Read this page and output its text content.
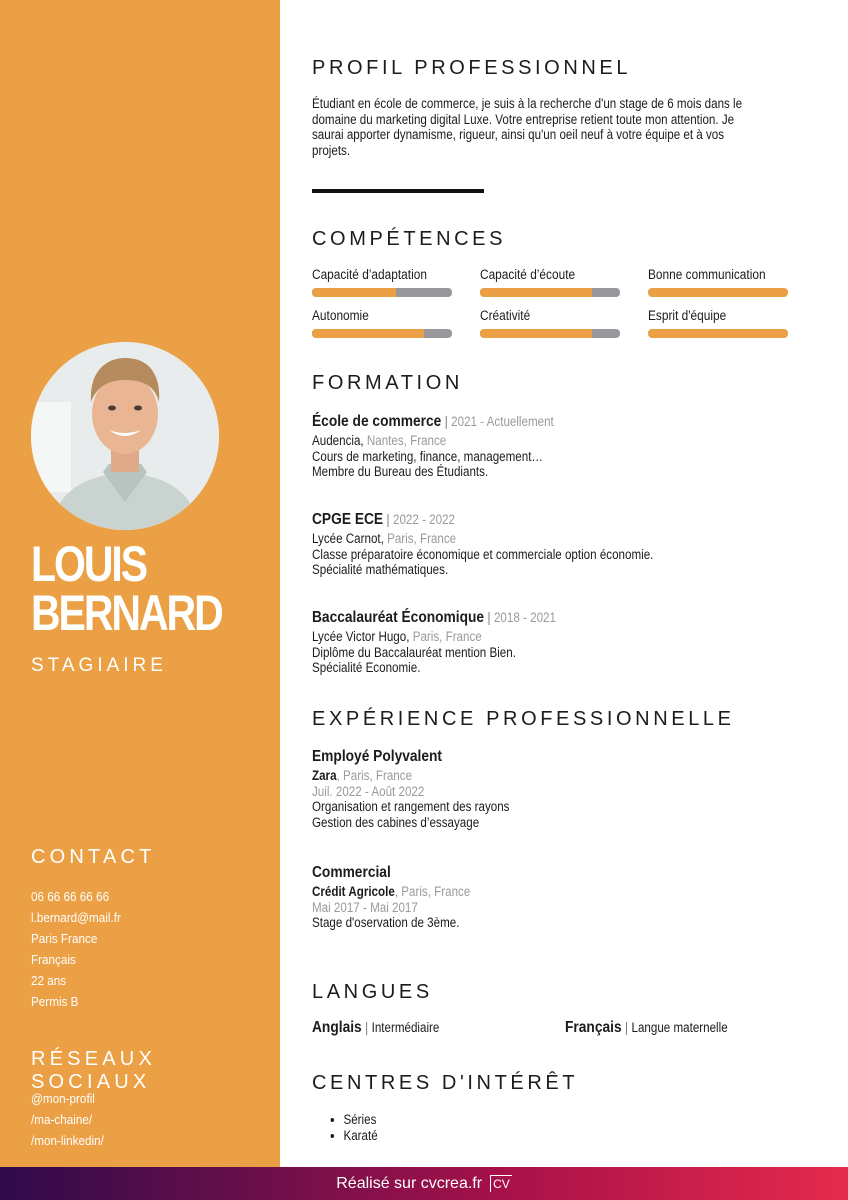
LOUIS
BERNARD
STAGIAIRE
CONTACT
06 66 66 66 66
l.bernard@mail.fr
Paris France
Français
22 ans
Permis B
RÉSEAUX SOCIAUX
@mon-profil
/ma-chaine/
/mon-linkedin/
PROFIL PROFESSIONNEL
Étudiant en école de commerce, je suis à la recherche d'un stage de 6 mois dans le
domaine du marketing digital Luxe. Votre entreprise retient toute mon attention. Je
saurai apporter dynamisme, rigueur, ainsi qu'un oeil neuf à votre équipe et à vos
projets.
COMPÉTENCES
Capacité d’adaptation	Capacité d’écoute	Bonne communication
Autonomie	Créativité	Esprit d'équipe
FORMATION
École de commerce | 2021 - Actuellement
Audencia, Nantes, France
Cours de marketing, finance, management…
Membre du Bureau des Étudiants.
CPGE ECE | 2022 - 2022
Lycée Carnot, Paris, France
Classe préparatoire économique et commerciale option économie.
Spécialité mathématiques.
Baccalauréat Économique | 2018 - 2021
Lycée Victor Hugo, Paris, France
Diplôme du Baccalauréat mention Bien.
Spécialité Economie.
EXPÉRIENCE PROFESSIONNELLE
Employé Polyvalent
Zara, Paris, France
Juil. 2022 - Août 2022
Organisation et rangement des rayons
Gestion des cabines d’essayage
Commercial
Crédit Agricole, Paris, France
Mai 2017 - Mai 2017
Stage d'oservation de 3ème.
LANGUES
Anglais | Intermédiaire	Français | Langue maternelle
CENTRES D'INTÉRÊT
• Séries
• Karaté
Réalisé sur cvcrea.fr CV
